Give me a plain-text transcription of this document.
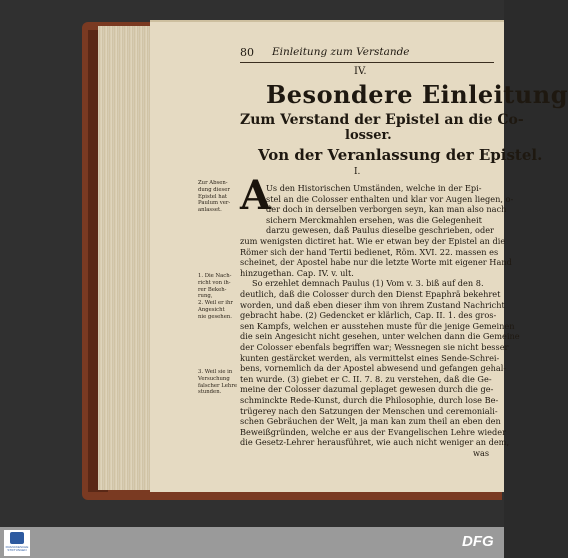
80 Einleitung zum Verstande
IV.
Besondere Einleitung
Zum Verstand der Epistel an die Co-
losser.
Von der Veranlassung der Epistel.
I.
A
Us den Historischen Umständen, welche in der Epi-
stel an die Colosser enthalten und klar vor Augen liegen, o-
der doch in derselben verborgen seyn, kan man also nach
sichern Merckmahlen ersehen, was die Gelegenheit
darzu gewesen, daß Paulus dieselbe geschrieben, oder
zum wenigsten dictiret hat. Wie er etwan bey der Epistel an die
Römer sich der hand Tertii bedienet, Röm. XVI. 22. massen es
scheinet, der Apostel habe nur die letzte Worte mit eigener Hand
hinzugethan. Cap. IV. v. ult.
So erzehlet demnach Paulus (1) Vom v. 3. biß auf den 8.
deutlich, daß die Colosser durch den Dienst Epaphrä bekehret
worden, und daß eben dieser ihm von ihrem Zustand Nachricht
gebracht habe. (2) Gedencket er klärlich, Cap. II. 1. des gros-
sen Kampfs, welchen er ausstehen muste für die jenige Gemeinen
die sein Angesicht nicht gesehen, unter welchen dann die Gemeine
der Colosser ebenfals begriffen war; Wessnegen sie nicht besser
kunten gestärcket werden, als vermittelst eines Sende-Schrei-
bens, vornemlich da der Apostel abwesend und gefangen gehal-
ten wurde. (3) giebet er C. II. 7. 8. zu verstehen, daß die Ge-
meine der Colosser dazumal geplaget gewesen durch die ge-
schminckte Rede-Kunst, durch die Philosophie, durch lose Be-
trügerey nach den Satzungen der Menschen und ceremoniali-
schen Gebräuchen der Welt, ja man kan zum theil an eben den
Beweißgründen, welche er aus der Evangelischen Lehre wieder
die Gesetz-Lehrer herausführet, wie auch nicht weniger an dem,
was
Zur Absen-
dung dieser
Epistel hat
Paulum ver-
anlasset.
1. Die Nach-
richt von ih-
rer Bekeh-
rung,
2. Weil er ihr
Angesicht
nie gesehen.
3. Weil sie in
Versuchung
falscher Lehre
stunden.
FRANCKESCHE STIFTUNGEN
DFG
